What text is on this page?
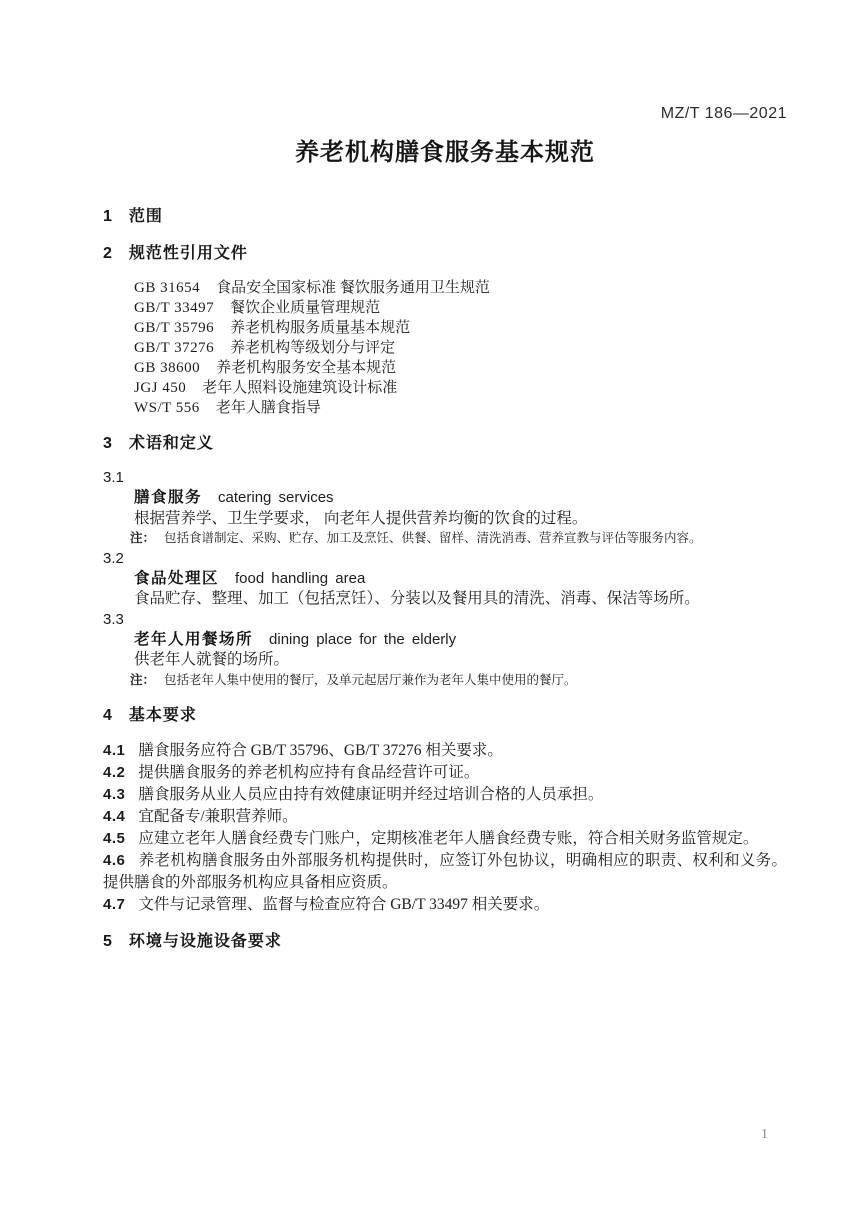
MZ/T 186—2021
养老机构膳食服务基本规范
1 范围

2 规范性引用文件

GB 31654 食品安全国家标准 餐饮服务通用卫生规范
GB/T 33497 餐饮企业质量管理规范
GB/T 35796 养老机构服务质量基本规范
GB/T 37276 养老机构等级划分与评定
GB 38600 养老机构服务安全基本规范
JGJ 450 老年人照料设施建筑设计标准
WS/T 556 老年人膳食指导
3 术语和定义

3.1
膳食服务 catering services
根据营养学、卫生学要求， 向老年人提供营养均衡的饮食的过程。
注： 包括食谱制定、采购、贮存、加工及烹饪、供餐、留样、清洗消毒、营养宣教与评估等服务内容。
3.2
食品处理区 food handling area
食品贮存、整理、加工（包括烹饪）、分装以及餐用具的清洗、消毒、保洁等场所。
3.3
老年人用餐场所 dining place for the elderly
供老年人就餐的场所。
注： 包括老年人集中使用的餐厅，及单元起居厅兼作为老年人集中使用的餐厅。
4 基本要求

4.1 膳食服务应符合 GB/T 35796、GB/T 37276 相关要求。

4.2 提供膳食服务的养老机构应持有食品经营许可证。

4.3 膳食服务从业人员应由持有效健康证明并经过培训合格的人员承担。

4.4 宜配备专/兼职营养师。

4.5 应建立老年人膳食经费专门账户，定期核准老年人膳食经费专账，符合相关财务监管规定。

4.6 养老机构膳食服务由外部服务机构提供时，应签订外包协议，明确相应的职责、权利和义务。提供膳食的外部服务机构应具备相应资质。

4.7 文件与记录管理、监督与检查应符合 GB/T 33497 相关要求。

5 环境与设施设备要求
1
